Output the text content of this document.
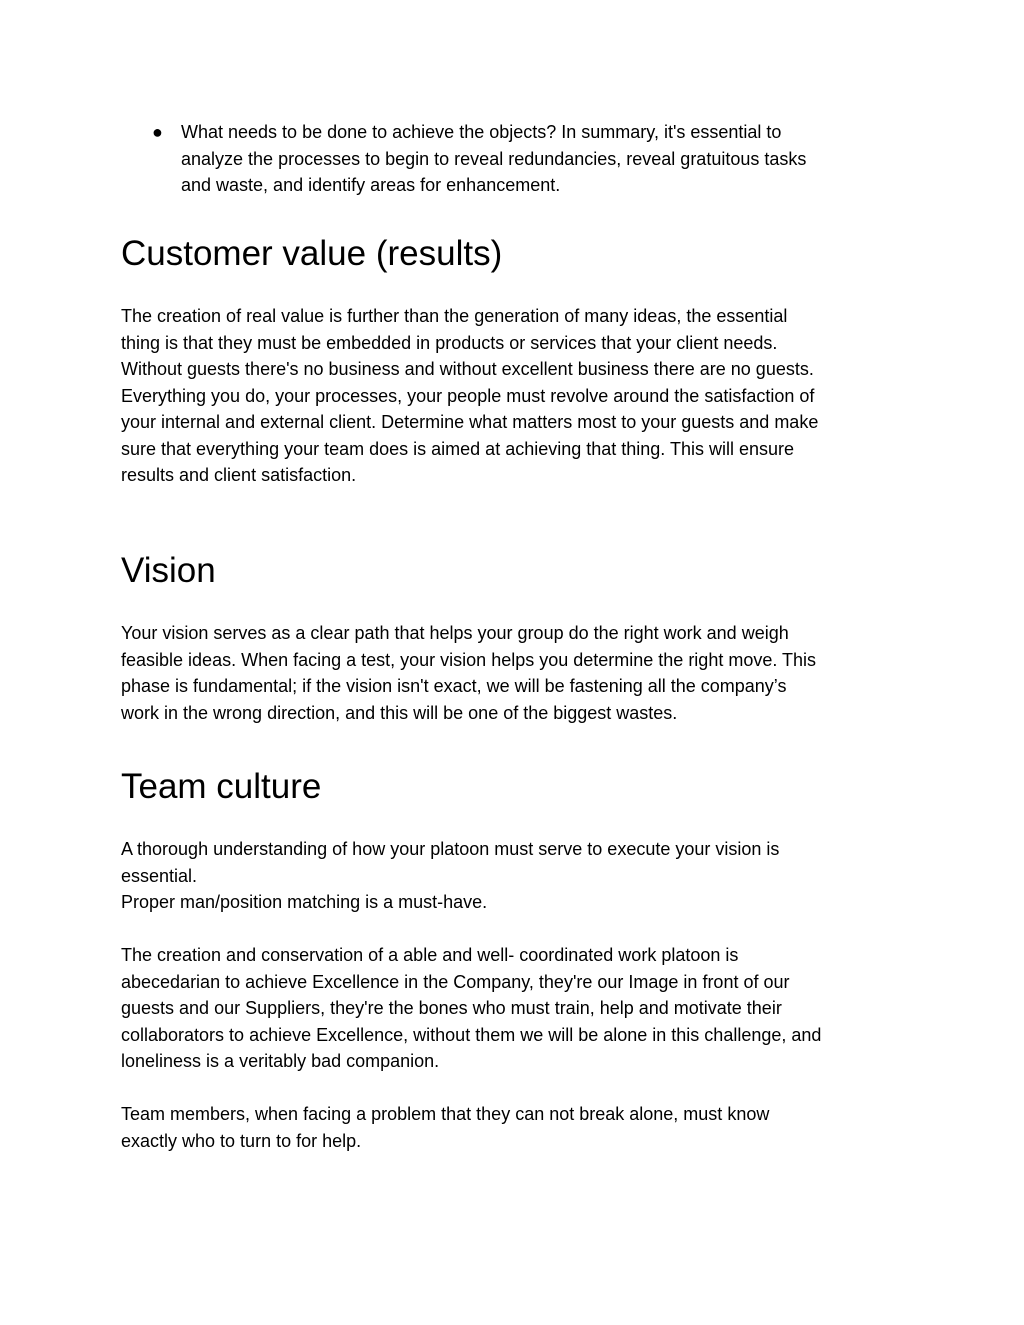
● What needs to be done to achieve the objects? In summary, it's essential to

analyze the processes to begin to reveal redundancies, reveal gratuitous tasks

and waste, and identify areas for enhancement.

Customer value (results)

The creation of real value is further than the generation of many ideas, the essential

thing is that they must be embedded in products or services that your client needs.

Without guests there's no business and without excellent business there are no guests.

Everything you do, your processes, your people must revolve around the satisfaction of

your internal and external client. Determine what matters most to your guests and make

sure that everything your team does is aimed at achieving that thing. This will ensure

results and client satisfaction.

Vision

Your vision serves as a clear path that helps your group do the right work and weigh

feasible ideas. When facing a test, your vision helps you determine the right move. This

phase is fundamental; if the vision isn't exact, we will be fastening all the company’s

work in the wrong direction, and this will be one of the biggest wastes.

Team culture

A thorough understanding of how your platoon must serve to execute your vision is

essential.

Proper man/position matching is a must-have.

The creation and conservation of a able and well- coordinated work platoon is

abecedarian to achieve Excellence in the Company, they're our Image in front of our

guests and our Suppliers, they're the bones who must train, help and motivate their

collaborators to achieve Excellence, without them we will be alone in this challenge, and

loneliness is a veritably bad companion.

Team members, when facing a problem that they can not break alone, must know

exactly who to turn to for help.
